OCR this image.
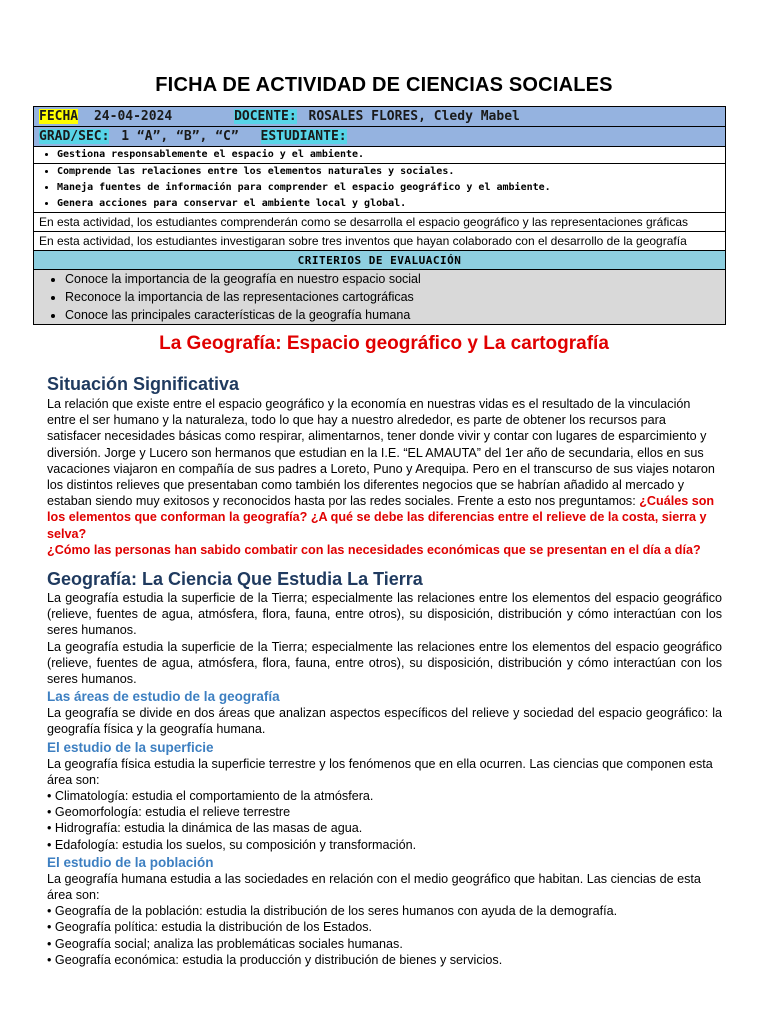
FICHA DE ACTIVIDAD DE CIENCIAS SOCIALES
FECHA 24-04-2024	DOCENTE: ROSALES FLORES, Cledy Mabel
GRAD/SEC: 1 “A”, “B”, “C” ESTUDIANTE:

• Gestiona responsablemente el espacio y el ambiente.

• Comprende las relaciones entre los elementos naturales y sociales.
• Maneja fuentes de información para comprender el espacio geográfico y el ambiente.
• Genera acciones para conservar el ambiente local y global.

En esta actividad, los estudiantes comprenderán como se desarrolla el espacio geográfico y las representaciones gráficas
En esta actividad, los estudiantes investigaran sobre tres inventos que hayan colaborado con el desarrollo de la geografía
CRITERIOS DE EVALUACIÓN

• Conoce la importancia de la geografía en nuestro espacio social
• Reconoce la importancia de las representaciones cartográficas
• Conoce las principales características de la geografía humana
La Geografía: Espacio geográfico y La cartografía
Situación Significativa

La relación que existe entre el espacio geográfico y la economía en nuestras vidas es el resultado de la vinculación entre el ser humano y la naturaleza, todo lo que hay a nuestro alrededor, es parte de obtener los recursos para satisfacer necesidades básicas como respirar, alimentarnos, tener donde vivir y contar con lugares de esparcimiento y diversión. Jorge y Lucero son hermanos que estudian en la I.E. “EL AMAUTA” del 1er año de secundaria, ellos en sus vacaciones viajaron en compañía de sus padres a Loreto, Puno y Arequipa. Pero en el transcurso de sus viajes notaron los distintos relieves que presentaban como también los diferentes negocios que se habrían añadido al mercado y estaban siendo muy exitosos y reconocidos hasta por las redes sociales. Frente a esto nos preguntamos: ¿Cuáles son los elementos que conforman la geografía? ¿A qué se debe las diferencias entre el relieve de la costa, sierra y selva?

¿Cómo las personas han sabido combatir con las necesidades económicas que se presentan en el día a día?

Geografía: La Ciencia Que Estudia La Tierra

La geografía estudia la superficie de la Tierra; especialmente las relaciones entre los elementos del espacio geográfico (relieve, fuentes de agua, atmósfera, flora, fauna, entre otros), su disposición, distribución y cómo interactúan con los seres humanos.

La geografía estudia la superficie de la Tierra; especialmente las relaciones entre los elementos del espacio geográfico (relieve, fuentes de agua, atmósfera, flora, fauna, entre otros), su disposición, distribución y cómo interactúan con los seres humanos.

Las áreas de estudio de la geografía

La geografía se divide en dos áreas que analizan aspectos específicos del relieve y sociedad del espacio geográfico: la geografía física y la geografía humana.

El estudio de la superficie

La geografía física estudia la superficie terrestre y los fenómenos que en ella ocurren. Las ciencias que componen esta área son:

• Climatología: estudia el comportamiento de la atmósfera.
• Geomorfología: estudia el relieve terrestre
• Hidrografía: estudia la dinámica de las masas de agua.
• Edafología: estudia los suelos, su composición y transformación.
El estudio de la población

La geografía humana estudia a las sociedades en relación con el medio geográfico que habitan. Las ciencias de esta área son:

• Geografía de la población: estudia la distribución de los seres humanos con ayuda de la demografía.
• Geografía política: estudia la distribución de los Estados.
• Geografía social; analiza las problemáticas sociales humanas.
• Geografía económica: estudia la producción y distribución de bienes y servicios.
